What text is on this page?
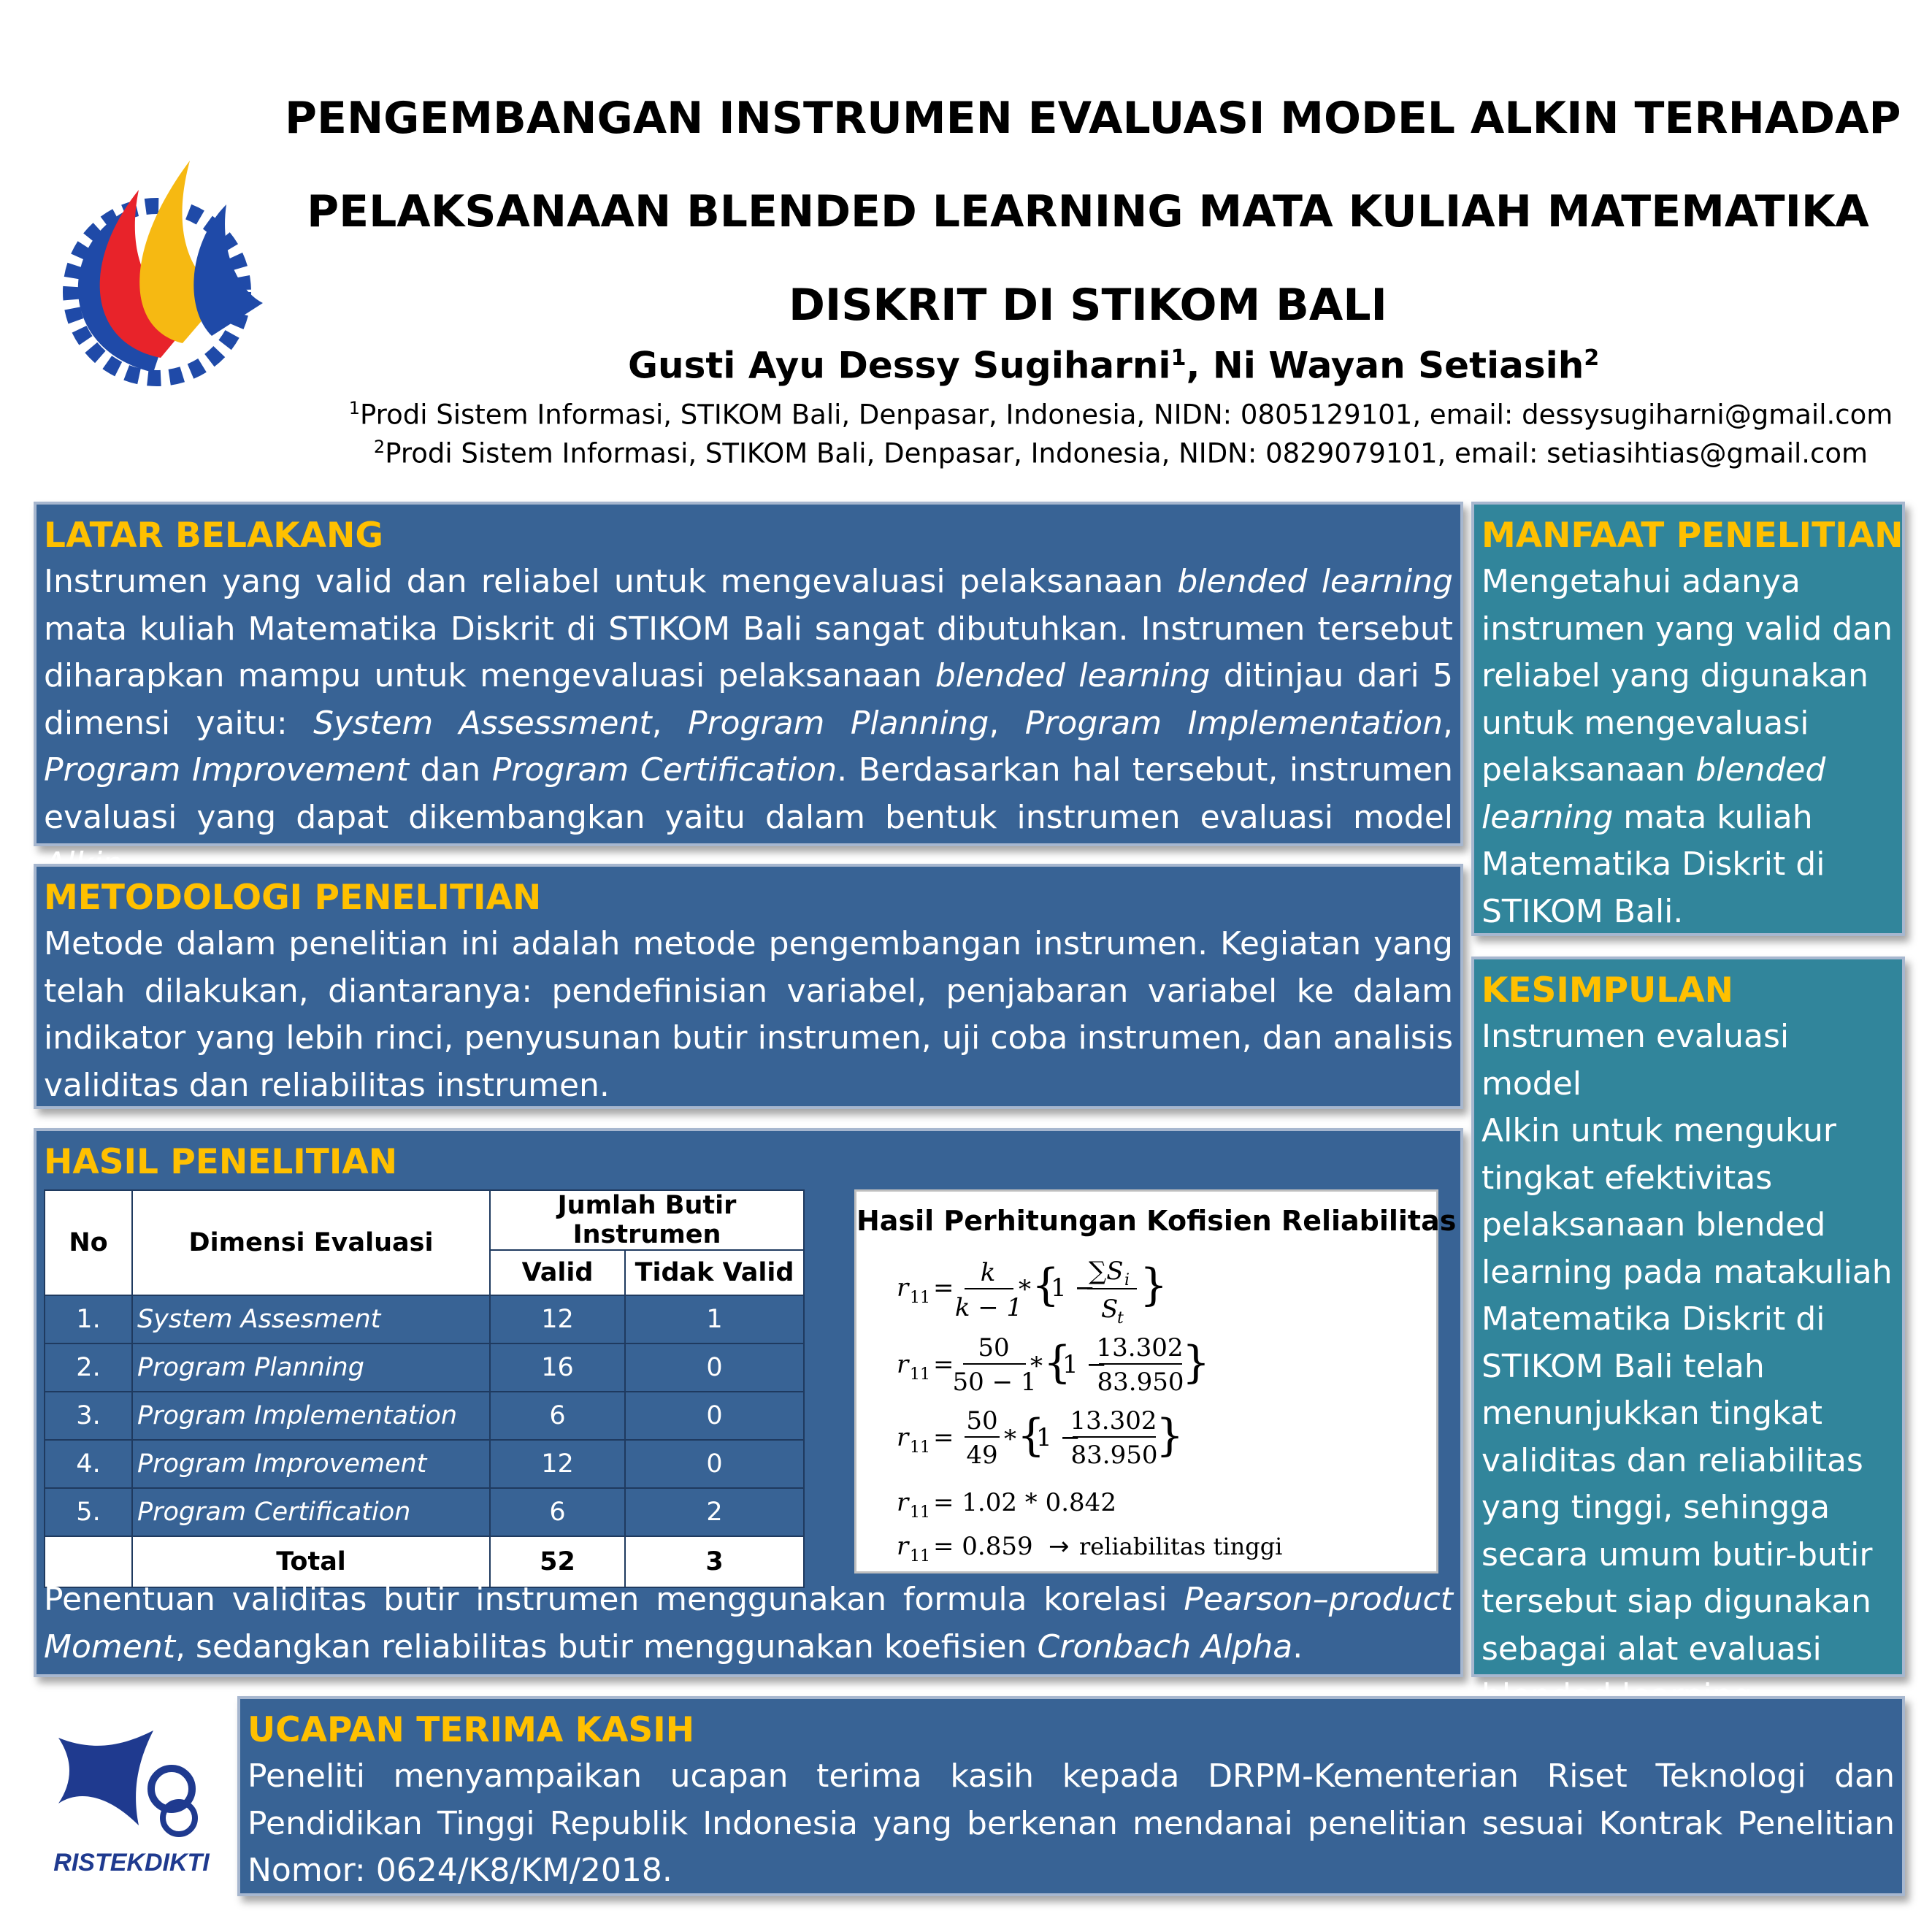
PENGEMBANGAN INSTRUMEN EVALUASI MODEL ALKIN TERHADAP
PELAKSANAAN BLENDED LEARNING MATA KULIAH MATEMATIKA
DISKRIT DI STIKOM BALI
Gusti Ayu Dessy Sugiharni$^1$, Ni Wayan Setiasih$^2$
$^1$Prodi Sistem Informasi, STIKOM Bali, Denpasar, Indonesia, NIDN: 0805129101, email: dessysugiharni@gmail.com
$^2$Prodi Sistem Informasi, STIKOM Bali, Denpasar, Indonesia, NIDN: 0829079101, email: setiasihtias@gmail.com
LATAR BELAKANG

Instrumen yang valid dan reliabel untuk mengevaluasi pelaksanaan blended learning mata kuliah Matematika Diskrit di STIKOM Bali sangat dibutuhkan. Instrumen tersebut diharapkan mampu untuk mengevaluasi pelaksanaan blended learning ditinjau dari 5 dimensi yaitu: System Assessment, Program Planning, Program Implementation, Program Improvement dan Program Certification. Berdasarkan hal tersebut, instrumen evaluasi yang dapat dikembangkan yaitu dalam bentuk instrumen evaluasi model

METODOLOGI PENELITIAN

Metode dalam penelitian ini adalah metode pengembangan instrumen. Kegiatan yang telah dilakukan, diantaranya: pendefinisian variabel, penjabaran variabel ke dalam indikator yang lebih rinci, penyusunan butir instrumen, uji coba instrumen, dan analisis validitas dan reliabilitas instrumen.

HASIL PENELITIAN
No	Dimensi Evaluasi	Jumlah Butir Instrumen	
		Valid	Tidak Valid
1.	System Assesment	12	1
2.	Program Planning	16	0
3.	Program Implementation	6	0
4.	Program Improvement	12	0
5.	Program Certification	6	2
	Total	52	3
Hasil Perhitungan Kofisien Reliabilitas
r 11 =
k
k − 1
* {
1 −
∑S i
S
t
}
r 11 =
50
50 − 1
* {
1 −
13.302
83.950
}
r 11 =
50
49
* {
1 −
13.302
83.950
}
r 11 = 1.02 * 0.842
r 11 = 0.859 → reliabilitas tinggi

Penentuan validitas butir instrumen menggunakan formula korelasi Pearson–product Moment, sedangkan reliabilitas butir menggunakan koefisien Cronbach Alpha.

MANFAAT PENELITIAN
Mengetahui adanya
instrumen yang valid dan
reliabel yang digunakan
untuk mengevaluasi
pelaksanaan blended
learning mata kuliah
Matematika Diskrit di
STIKOM Bali.
KESIMPULAN
Instrumen evaluasi model
Alkin untuk mengukur
tingkat efektivitas
pelaksanaan blended
learning pada matakuliah
Matematika Diskrit di
STIKOM Bali telah
menunjukkan tingkat
validitas dan reliabilitas
yang tinggi, sehingga
secara umum butir-butir
tersebut siap digunakan
sebagai alat evaluasi
RISTEKDIKTI
UCAPAN TERIMA KASIH

Peneliti menyampaikan ucapan terima kasih kepada DRPM-Kementerian Riset Teknologi dan Pendidikan Tinggi Republik Indonesia yang berkenan mendanai penelitian sesuai Kontrak Penelitian Nomor: 0624/K8/KM/2018.
